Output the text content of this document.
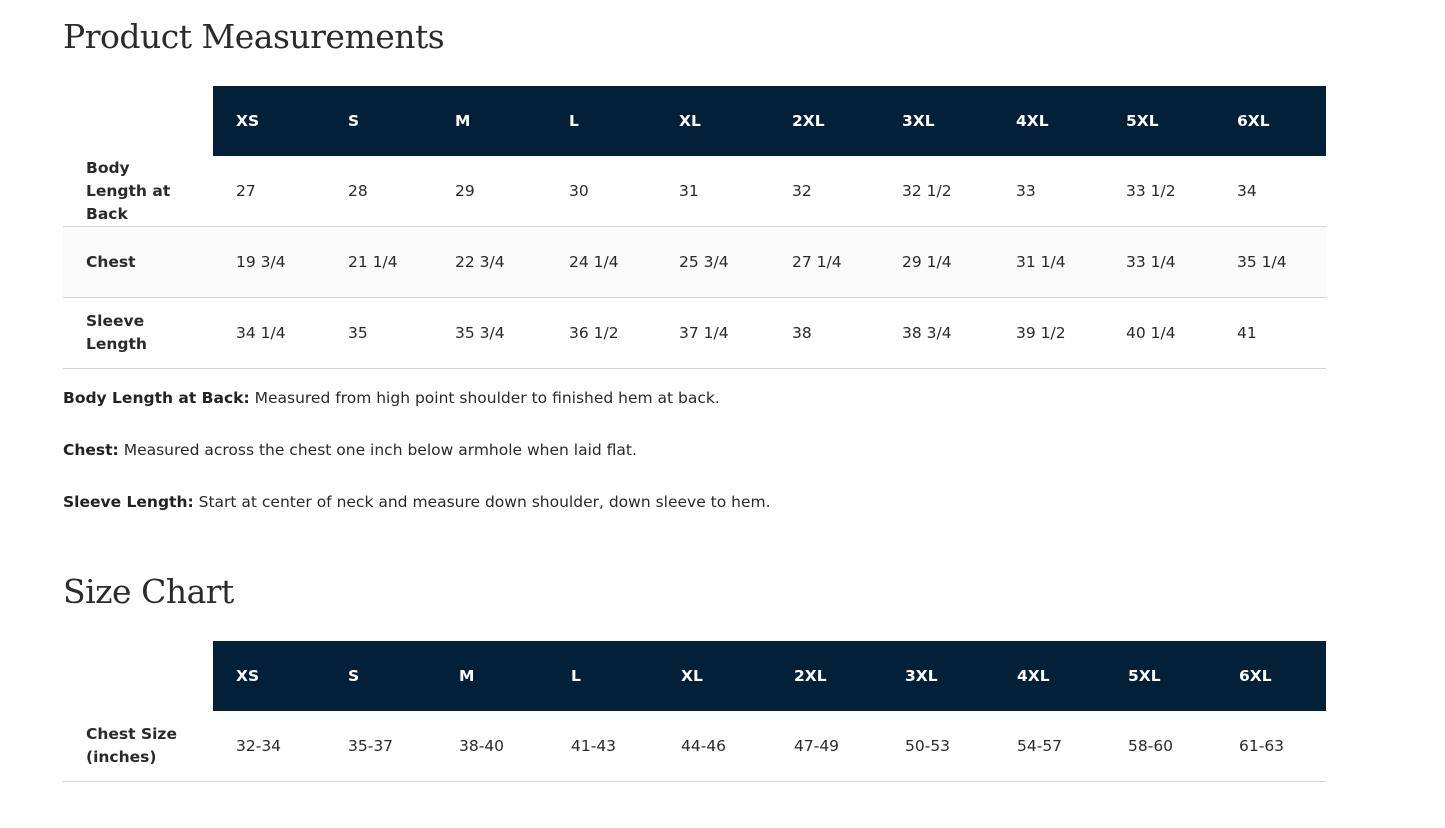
Product Measurements
	XS	S	M	L	XL	2XL	3XL	4XL	5XL	6XL
Body Length at Back	27	28	29	30	31	32	32 1/2	33	33 1/2	34
Chest	19 3/4	21 1/4	22 3/4	24 1/4	25 3/4	27 1/4	29 1/4	31 1/4	33 1/4	35 1/4
Sleeve Length	34 1/4	35	35 3/4	36 1/2	37 1/4	38	38 3/4	39 1/2	40 1/4	41

Body Length at Back: Measured from high point shoulder to finished hem at back.

Chest: Measured across the chest one inch below armhole when laid flat.

Sleeve Length: Start at center of neck and measure down shoulder, down sleeve to hem.

Size Chart
	XS	S	M	L	XL	2XL	3XL	4XL	5XL	6XL
Chest Size (inches)	32-34	35-37	38-40	41-43	44-46	47-49	50-53	54-57	58-60	61-63
